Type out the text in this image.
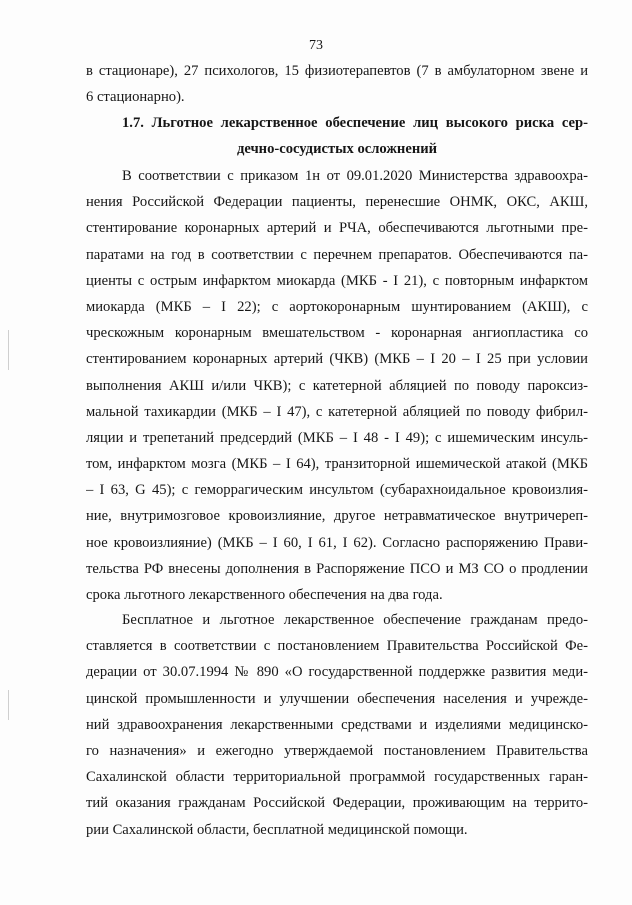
73
в стационаре), 27 психологов, 15 физиотерапевтов (7 в амбулаторном звене и
6 стационарно).
1.7. Льготное лекарственное обеспечение лиц высокого риска сер-
дечно-сосудистых осложнений
В соответствии с приказом 1н от 09.01.2020 Министерства здравоохра-
нения Российской Федерации пациенты, перенесшие ОНМК, ОКС, АКШ,
стентирование коронарных артерий и РЧА, обеспечиваются льготными пре-
паратами на год в соответствии с перечнем препаратов. Обеспечиваются па-
циенты с острым инфарктом миокарда (МКБ - I 21), с повторным инфарктом
миокарда (МКБ – I 22); с аортокоронарным шунтированием (АКШ), с
чрескожным коронарным вмешательством - коронарная ангиопластика со
стентированием коронарных артерий (ЧКВ) (МКБ – I 20 – I 25 при условии
выполнения АКШ и/или ЧКВ); с катетерной абляцией по поводу пароксиз-
мальной тахикардии (МКБ – I 47), с катетерной абляцией по поводу фибрил-
ляции и трепетаний предсердий (МКБ – I 48 - I 49); с ишемическим инсуль-
том, инфарктом мозга (МКБ – I 64), транзиторной ишемической атакой (МКБ
– I 63, G 45); с геморрагическим инсультом (субарахноидальное кровоизлия-
ние, внутримозговое кровоизлияние, другое нетравматическое внутричереп-
ное кровоизлияние) (МКБ – I 60, I 61, I 62). Согласно распоряжению Прави-
тельства РФ внесены дополнения в Распоряжение ПСО и МЗ СО о продлении
срока льготного лекарственного обеспечения на два года.
Бесплатное и льготное лекарственное обеспечение гражданам предо-
ставляется в соответствии с постановлением Правительства Российской Фе-
дерации от 30.07.1994 № 890 «О государственной поддержке развития меди-
цинской промышленности и улучшении обеспечения населения и учрежде-
ний здравоохранения лекарственными средствами и изделиями медицинско-
го назначения» и ежегодно утверждаемой постановлением Правительства
Сахалинской области территориальной программой государственных гаран-
тий оказания гражданам Российской Федерации, проживающим на террито-
рии Сахалинской области, бесплатной медицинской помощи.
